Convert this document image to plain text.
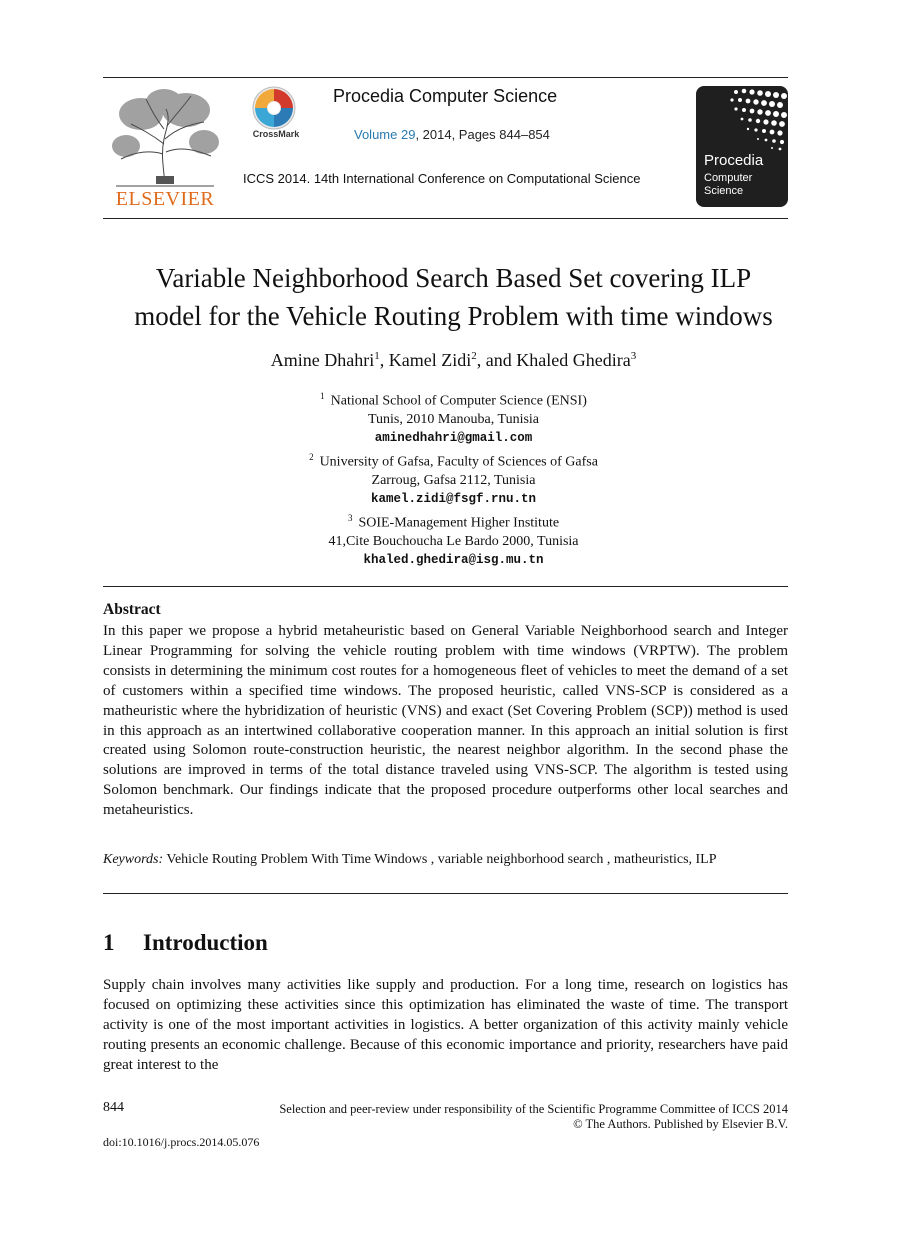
ELSEVIER
CrossMark
Procedia Computer Science
Volume 29, 2014, Pages 844–854
ICCS 2014. 14th International Conference on Computational Science
Procedia
Computer
Science
Variable Neighborhood Search Based Set covering ILP
model for the Vehicle Routing Problem with time windows
Amine Dhahri$^1$, Kamel Zidi$^2$, and Khaled Ghedira$^3$
$^1$ National School of Computer Science (ENSI)
Tunis, 2010 Manouba, Tunisia
aminedhahri@gmail.com
$^2$ University of Gafsa, Faculty of Sciences of Gafsa
Zarroug, Gafsa 2112, Tunisia
kamel.zidi@fsgf.rnu.tn
$^3$ SOIE-Management Higher Institute
41,Cite Bouchoucha Le Bardo 2000, Tunisia
khaled.ghedira@isg.mu.tn
Abstract
In this paper we propose a hybrid metaheuristic based on General Variable Neighborhood search and Integer Linear Programming for solving the vehicle routing problem with time windows (VRPTW). The problem consists in determining the minimum cost routes for a homogeneous fleet of vehicles to meet the demand of a set of customers within a specified time windows. The proposed heuristic, called VNS-SCP is considered as a matheuristic where the hybridization of heuristic (VNS) and exact (Set Covering Problem (SCP)) method is used in this approach as an intertwined collaborative cooperation manner. In this approach an initial solution is first created using Solomon route-construction heuristic, the nearest neighbor algorithm. In the second phase the solutions are improved in terms of the total distance traveled using VNS-SCP. The algorithm is tested using Solomon benchmark. Our findings indicate that the proposed procedure outperforms other local searches and metaheuristics.
Keywords: Vehicle Routing Problem With Time Windows , variable neighborhood search , matheuristics, ILP
1 Introduction
Supply chain involves many activities like supply and production. For a long time, research on logistics has focused on optimizing these activities since this optimization has eliminated the waste of time. The transport activity is one of the most important activities in logistics. A better organization of this activity mainly vehicle routing presents an economic challenge. Because of this economic importance and priority, researchers have paid great interest to the
844	Selection and peer-review under responsibility of the Scientific Programme Committee of ICCS 2014
© The Authors. Published by Elsevier B.V.
doi:10.1016/j.procs.2014.05.076
